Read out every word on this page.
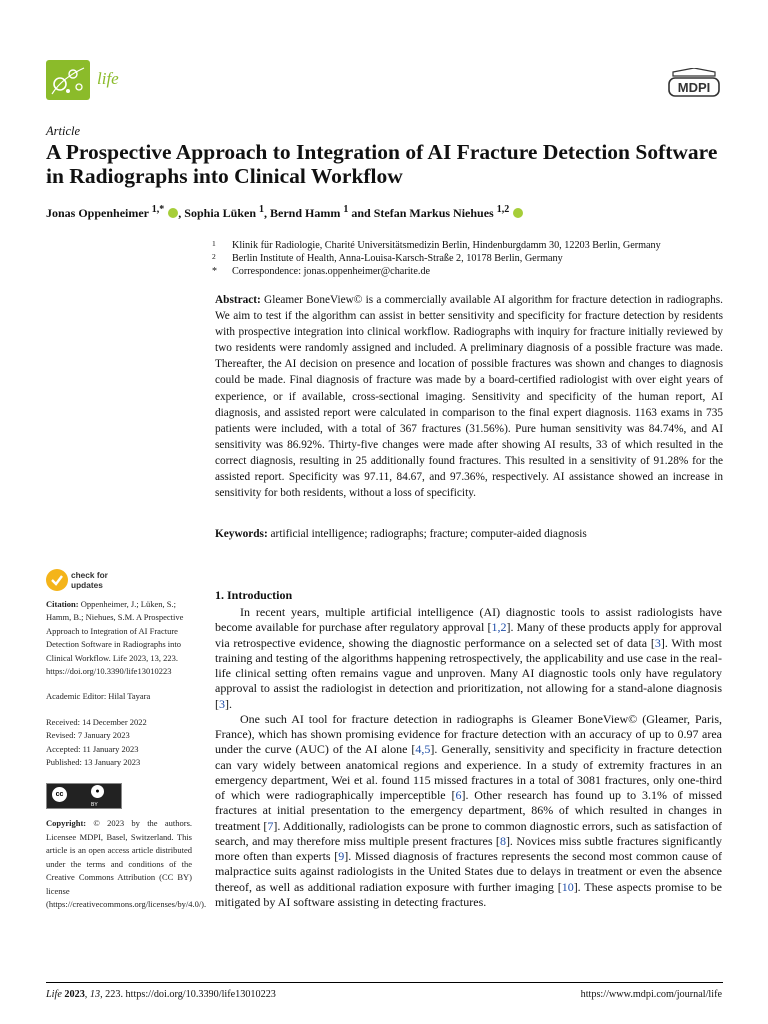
life	MDPI
Article
A Prospective Approach to Integration of AI Fracture Detection Software in Radiographs into Clinical Workflow
Jonas Oppenheimer $^{1,*}$ , Sophia Lüken $^1$, Bernd Hamm $^1$ and Stefan Markus Niehues $^{1,2}$
1 Klinik für Radiologie, Charité Universitätsmedizin Berlin, Hindenburgdamm 30, 12203 Berlin, Germany
2 Berlin Institute of Health, Anna-Louisa-Karsch-Straße 2, 10178 Berlin, Germany
* Correspondence: jonas.oppenheimer@charite.de
Abstract: Gleamer BoneView© is a commercially available AI algorithm for fracture detection in radiographs. We aim to test if the algorithm can assist in better sensitivity and specificity for fracture detection by residents with prospective integration into clinical workflow. Radiographs with inquiry for fracture initially reviewed by two residents were randomly assigned and included. A preliminary diagnosis of a possible fracture was made. Thereafter, the AI decision on presence and location of possible fractures was shown and changes to diagnosis could be made. Final diagnosis of fracture was made by a board-certified radiologist with over eight years of experience, or if available, cross-sectional imaging. Sensitivity and specificity of the human report, AI diagnosis, and assisted report were calculated in comparison to the final expert diagnosis. 1163 exams in 735 patients were included, with a total of 367 fractures (31.56%). Pure human sensitivity was 84.74%, and AI sensitivity was 86.92%. Thirty-five changes were made after showing AI results, 33 of which resulted in the correct diagnosis, resulting in 25 additionally found fractures. This resulted in a sensitivity of 91.28% for the assisted report. Specificity was 97.11, 84.67, and 97.36%, respectively. AI assistance showed an increase in sensitivity for both residents, without a loss of specificity.
Keywords: artificial intelligence; radiographs; fracture; computer-aided diagnosis
check for
updates

Citation: Oppenheimer, J.; Lüken, S.; Hamm, B.; Niehues, S.M. A Prospective Approach to Integration of AI Fracture Detection Software in Radiographs into Clinical Workflow. Life 2023, 13, 223. https://doi.org/10.3390/life13010223

Academic Editor: Hilal Tayara

Received: 14 December 2022

Revised: 7 January 2023

Accepted: 11 January 2023

Published: 13 January 2023

cc	●
BY

Copyright: © 2023 by the authors. Licensee MDPI, Basel, Switzerland. This article is an open access article distributed under the terms and conditions of the Creative Commons Attribution (CC BY) license (https://creativecommons.org/licenses/by/4.0/).

1. Introduction

In recent years, multiple artificial intelligence (AI) diagnostic tools to assist radiologists have become available for purchase after regulatory approval [1,2]. Many of these products apply for approval via retrospective evidence, showing the diagnostic performance on a selected set of data [3]. With most training and testing of the algorithms happening retrospectively, the applicability and use case in the real-life clinical setting often remains vague and unproven. Many AI diagnostic tools only have regulatory approval to assist the radiologist in detection and prioritization, not allowing for a stand-alone diagnosis [3].

One such AI tool for fracture detection in radiographs is Gleamer BoneView© (Gleamer, Paris, France), which has shown promising evidence for fracture detection with an accuracy of up to 0.97 area under the curve (AUC) of the AI alone [4,5]. Generally, sensitivity and specificity in fracture detection can vary widely between anatomical regions and experience. In a study of extremity fractures in an emergency department, Wei et al. found 115 missed fractures in a total of 3081 fractures, only one-third of which were radiographically imperceptible [6]. Other research has found up to 3.1% of missed fractures at initial presentation to the emergency department, 86% of which resulted in changes in treatment [7]. Additionally, radiologists can be prone to common diagnostic errors, such as satisfaction of search, and may therefore miss multiple present fractures [8]. Novices miss subtle fractures significantly more often than experts [9]. Missed diagnosis of fractures represents the second most common cause of malpractice suits against radiologists in the United States due to delays in treatment or even the absence thereof, as well as additional radiation exposure with further imaging [10]. These aspects promise to be mitigated by AI software assisting in detecting fractures.

Life 2023, 13, 223. https://doi.org/10.3390/life13010223	https://www.mdpi.com/journal/life
